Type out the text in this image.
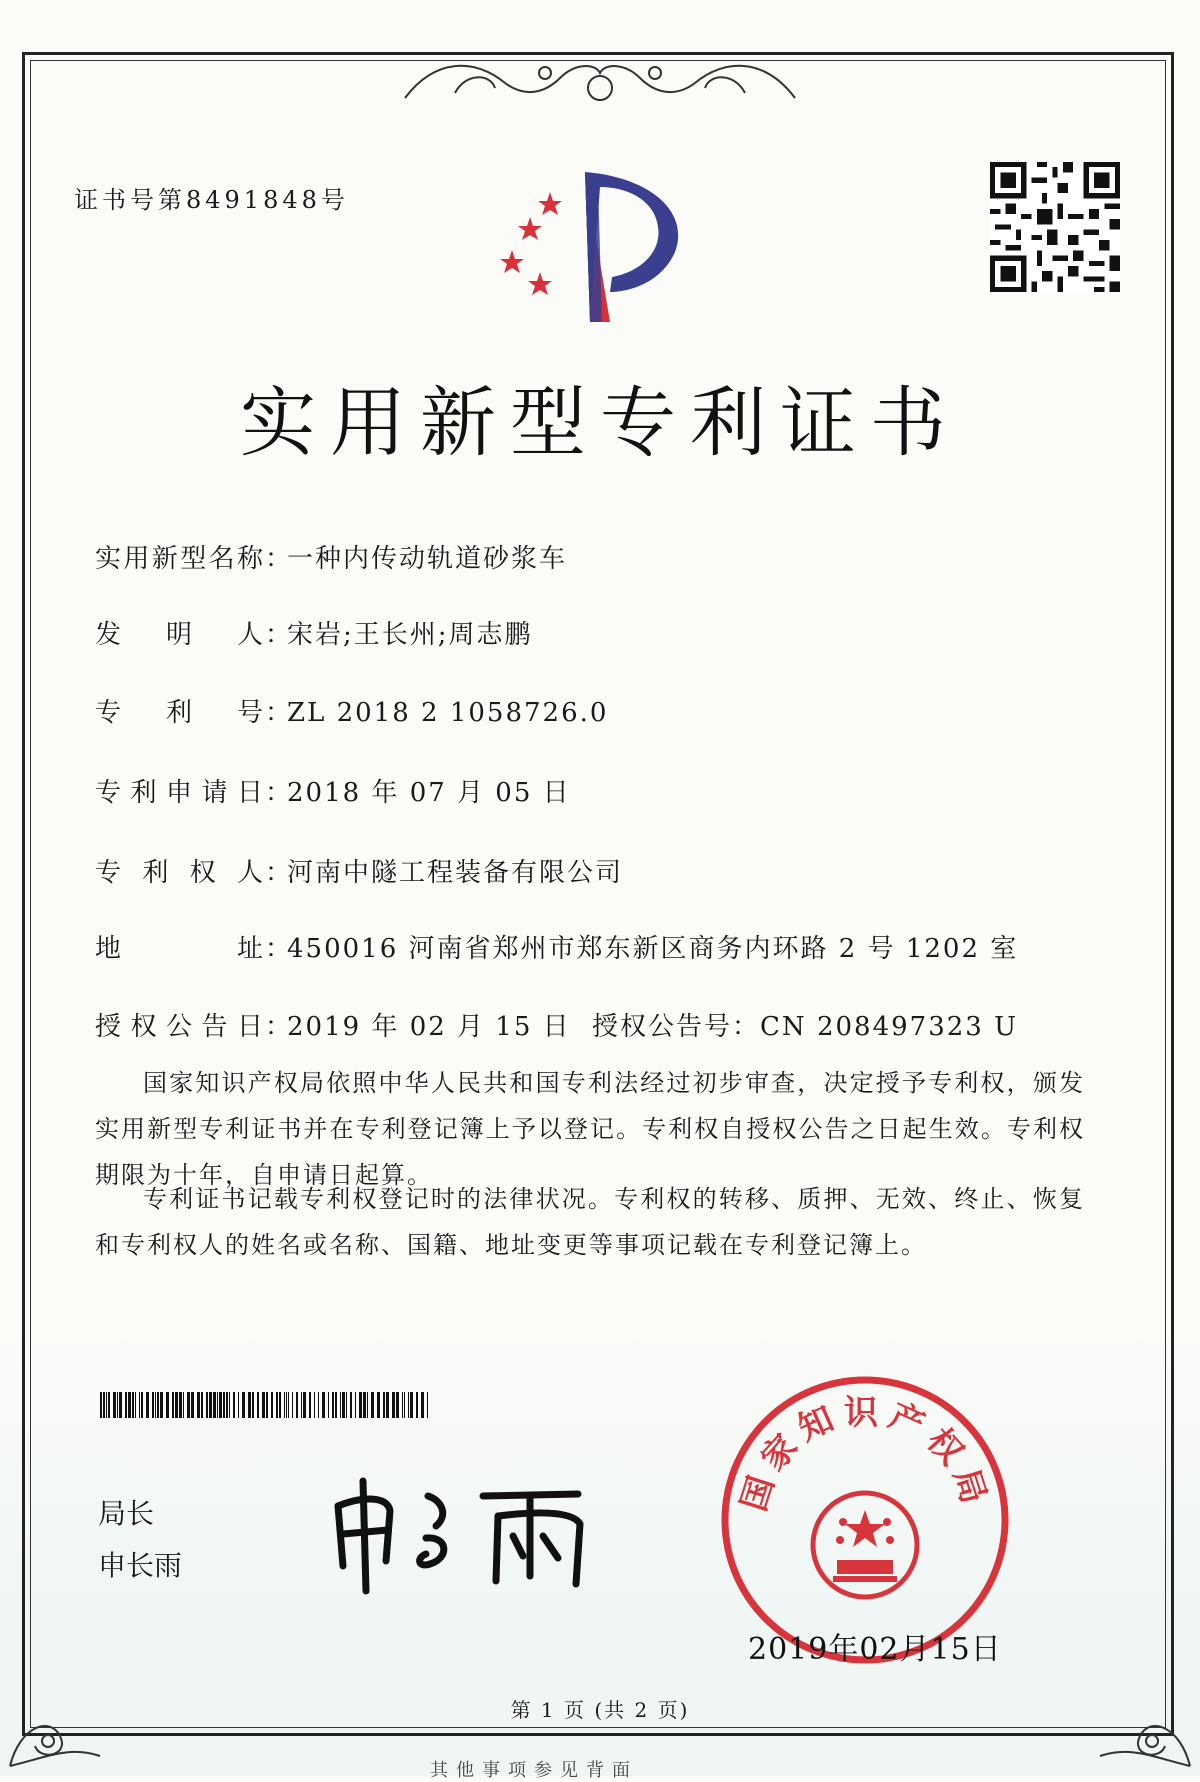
证书号第8491848号
实用新型专利证书
实用新型名称：一种内传动轨道砂浆车
发明人：宋岩;王长州;周志鹏
专利号：ZL 2018 2 1058726.0
专利申请日：2018 年 07 月 05 日
专利权人：河南中隧工程装备有限公司
地址：450016 河南省郑州市郑东新区商务内环路 2 号 1202 室
授权公告日：2019 年 02 月 15 日 授权公告号：CN 208497323 U
国家知识产权局依照中华人民共和国专利法经过初步审查，决定授予专利权，颁发实用新型专利证书并在专利登记簿上予以登记。专利权自授权公告之日起生效。专利权期限为十年，自申请日起算。
专利证书记载专利权登记时的法律状况。专利权的转移、质押、无效、终止、恢复和专利权人的姓名或名称、国籍、地址变更等事项记载在专利登记簿上。
局长
申长雨
申长雨
国家知识产权局
2019年02月15日
第 1 页 (共 2 页)
其他事项参见背面
